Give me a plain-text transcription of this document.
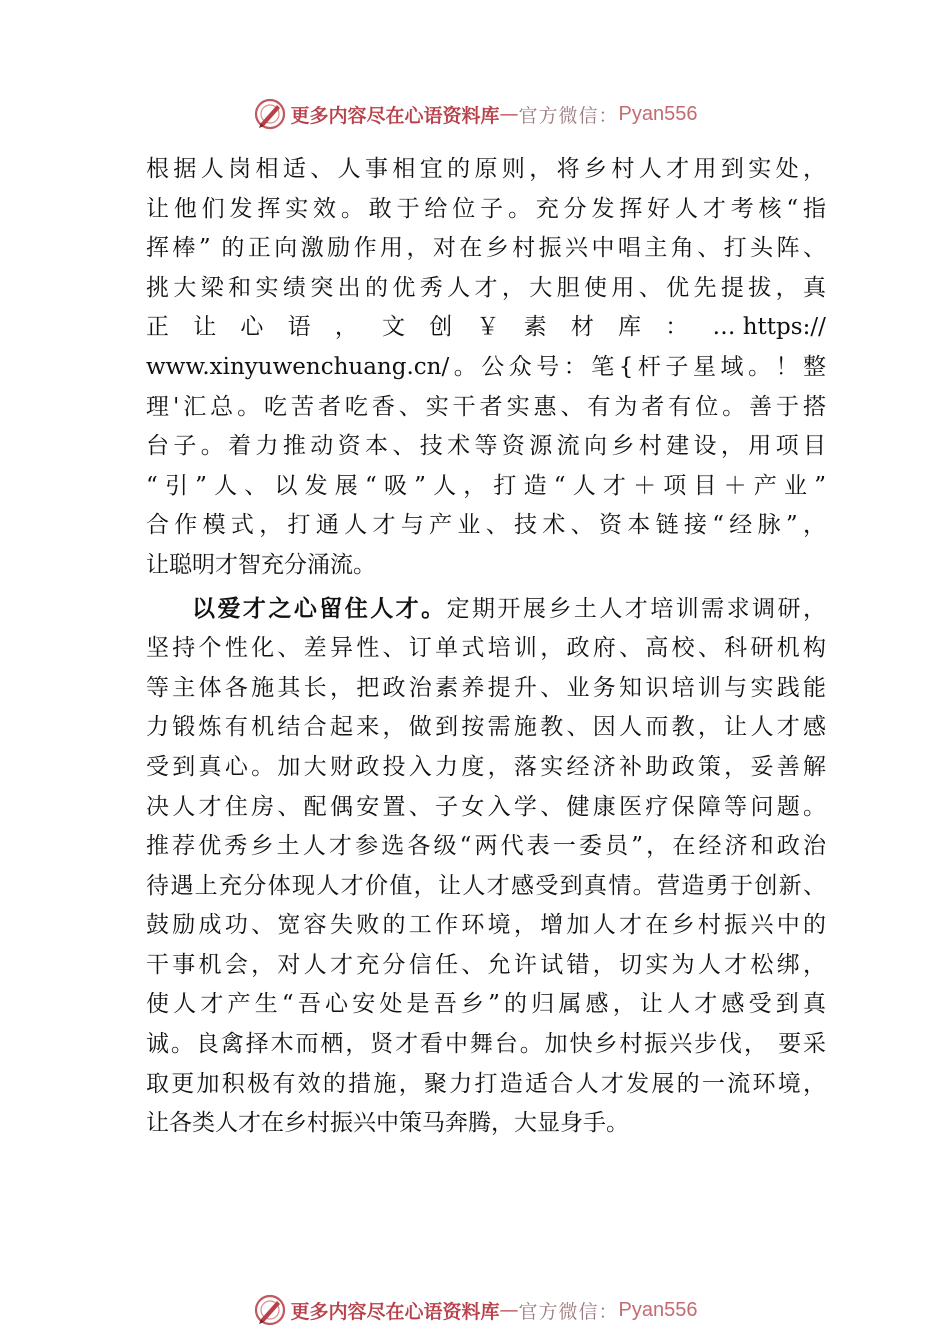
更多内容尽在心语资料库 — 官方微信： Pyan556
根据人岗相适、人事相宜的原则，将乡村人才用到实处，
让他们发挥实效。敢于给位子。充分发挥好人才考核“指
挥棒” 的正向激励作用，对在乡村振兴中唱主角、打头阵、
挑大梁和实绩突出的优秀人才，大胆使用、优先提拔，真
正 让 心 语 ， 文 创 ￥ 素 材 库 ： … https://
www.xinyuwenchuang.cn/。公众号：笔{杆子星域。！整
理'汇总。吃苦者吃香、实干者实惠、有为者有位。善于搭
台子。着力推动资本、技术等资源流向乡村建设，用项目
“引”人、以发展“吸”人，打造“人才＋项目＋产业”
合作模式，打通人才与产业、技术、资本链接“经脉”，
让聪明才智充分涌流。
以爱才之心留住人才。定期开展乡土人才培训需求调研，
坚持个性化、差异性、订单式培训，政府、高校、科研机构
等主体各施其长，把政治素养提升、业务知识培训与实践能
力锻炼有机结合起来，做到按需施教、因人而教，让人才感
受到真心。加大财政投入力度，落实经济补助政策，妥善解
决人才住房、配偶安置、子女入学、健康医疗保障等问题。
推荐优秀乡土人才参选各级“两代表一委员”，在经济和政治
待遇上充分体现人才价值，让人才感受到真情。营造勇于创新、
鼓励成功、宽容失败的工作环境，增加人才在乡村振兴中的
干事机会，对人才充分信任、允许试错，切实为人才松绑，
使人才产生“吾心安处是吾乡”的归属感，让人才感受到真
诚。良禽择木而栖，贤才看中舞台。加快乡村振兴步伐， 要采
取更加积极有效的措施，聚力打造适合人才发展的一流环境，
让各类人才在乡村振兴中策马奔腾，大显身手。
更多内容尽在心语资料库 — 官方微信： Pyan556
